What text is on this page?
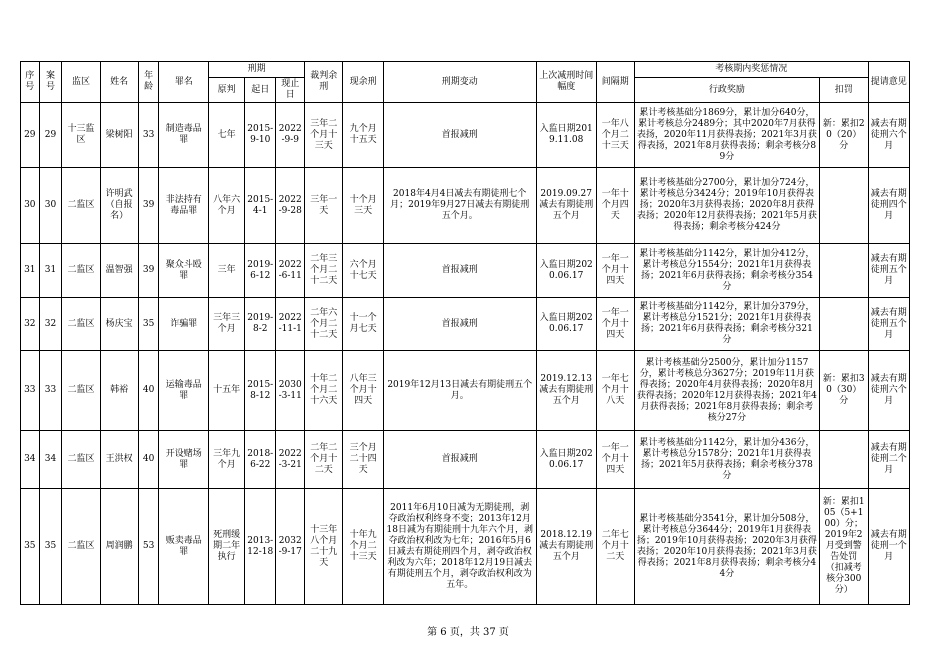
序号	案号	监区	姓名	年龄	罪名	刑期			裁判余刑	现余刑	刑期变动	上次减刑时间幅度	间隔期	考核期内奖惩情况		提请意见
						原判	起日	现止日						行政奖励	扣罚	
29	29	十三监区	梁树阳	33	制造毒品罪	七年	2015-9-10	2022-9-9	三年二个月十三天	九个月十五天	首报减刑	入监日期2019.11.08	一年八个月二十三天	累计考核基础分1869分，累计加分640分，累计考核总分2489分；其中2020年7月获得表扬，2020年11月获得表扬；2021年3月获得表扬，2021年8月获得表扬；剩余考核分89分	新：累扣20（20）分	减去有期徒刑六个月
30	30	二监区	许明武（自报名）	39	非法持有毒品罪	八年六个月	2015-4-1	2022-9-28	三年一天	十个月三天	2018年4月4日减去有期徒刑七个月；2019年9月27日减去有期徒刑五个月。	2019.09.27减去有期徒刑五个月	一年十个月四天	累计考核基础分2700分，累计加分724分，累计考核总分3424分；2019年10月获得表扬；2020年3月获得表扬；2020年8月获得表扬；2020年12月获得表扬；2021年5月获得表扬；剩余考核分424分		减去有期徒刑四个月
31	31	二监区	温智强	39	聚众斗殴罪	三年	2019-6-12	2022-6-11	二年三个月二十二天	六个月十七天	首报减刑	入监日期2020.06.17	一年一个月十四天	累计考核基础分1142分，累计加分412分，累计考核总分1554分；2021年1月获得表扬；2021年6月获得表扬；剩余考核分354分		减去有期徒刑五个月
32	32	二监区	杨庆宝	35	诈骗罪	三年三个月	2019-8-2	2022-11-1	二年六个月二十二天	十一个月七天	首报减刑	入监日期2020.06.17	一年一个月十四天	累计考核基础分1142分，累计加分379分，累计考核总分1521分；2021年1月获得表扬；2021年6月获得表扬；剩余考核分321分		减去有期徒刑五个月
33	33	二监区	韩裕	40	运输毒品罪	十五年	2015-8-12	2030-3-11	十年二个月二十六天	八年三个月十四天	2019年12月13日减去有期徒刑五个月。	2019.12.13减去有期徒刑五个月	一年七个月十八天	累计考核基础分2500分，累计加分1157分，累计考核总分3627分；2019年11月获得表扬；2020年4月获得表扬；2020年8月获得表扬；2020年12月获得表扬；2021年4月获得表扬；2021年8月获得表扬；剩余考核分27分	新：累扣30（30）分	减去有期徒刑六个月
34	34	二监区	王洪权	40	开设赌场罪	三年九个月	2018-6-22	2022-3-21	二年二个月十二天	三个月二十四天	首报减刑	入监日期2020.06.17	一年一个月十四天	累计考核基础分1142分，累计加分436分，累计考核总分1578分；2021年1月获得表扬；2021年5月获得表扬；剩余考核分378分		减去有期徒刑二个月
35	35	二监区	周润鹏	53	贩卖毒品罪	死刑缓期二年执行	2013-12-18	2032-9-17	十三年八个月二十九天	十年九个月二十三天	2011年6月10日减为无期徒刑，剥夺政治权利终身不变；2013年12月18日减为有期徒刑十九年六个月，剥夺政治权利改为七年；2016年5月6日减去有期徒刑四个月，剥夺政治权利改为六年；2018年12月19日减去有期徒刑五个月，剥夺政治权利改为五年。	2018.12.19减去有期徒刑五个月	二年七个月十二天	累计考核基础分3541分，累计加分508分，累计考核总分3644分；2019年1月获得表扬；2019年10月获得表扬；2020年3月获得表扬；2020年10月获得表扬；2021年3月获得表扬；2021年8月获得表扬；剩余考核分44分	新：累扣105（5+100）分；2019年2月受到警告处罚（扣减考核分300分）	减去有期徒刑一个月
第 6 页，共 37 页
